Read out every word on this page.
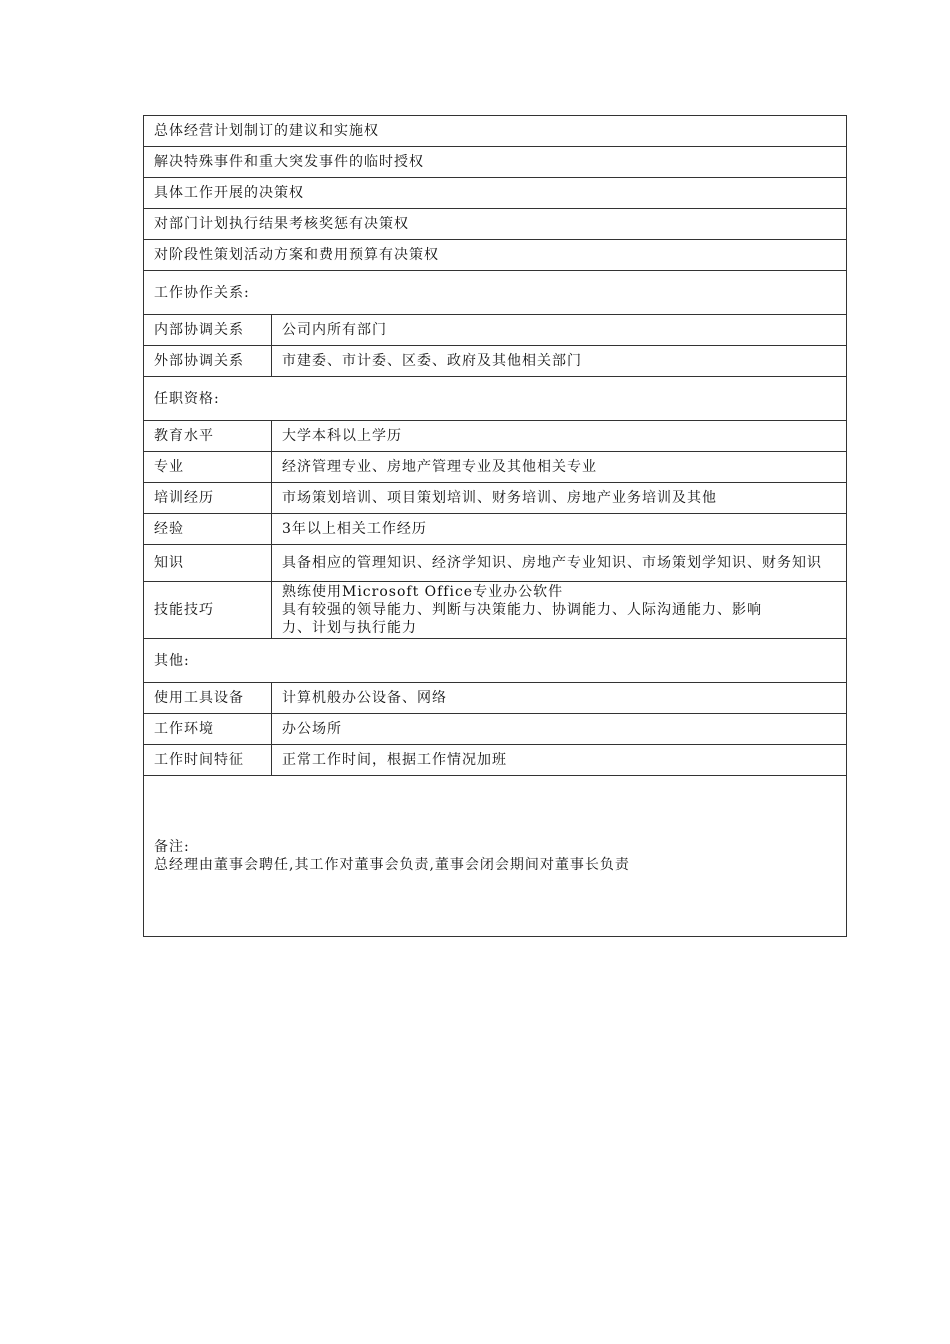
总体经营计划制订的建议和实施权	
解决特殊事件和重大突发事件的临时授权	
具体工作开展的决策权	
对部门计划执行结果考核奖惩有决策权	
对阶段性策划活动方案和费用预算有决策权	
工作协作关系:	
内部协调关系	公司内所有部门
外部协调关系	市建委、市计委、区委、政府及其他相关部门
任职资格:	
教育水平	大学本科以上学历
专业	经济管理专业、房地产管理专业及其他相关专业
培训经历	市场策划培训、项目策划培训、财务培训、房地产业务培训及其他
经验	3年以上相关工作经历
知识	具备相应的管理知识、经济学知识、房地产专业知识、市场策划学知识、财务知识
技能技巧	熟练使用Microsoft Office专业办公软件
具有较强的领导能力、判断与决策能力、协调能力、人际沟通能力、影响
力、计划与执行能力

其他:	
使用工具设备	计算机般办公设备、网络
工作环境	办公场所
工作时间特征	正常工作时间，根据工作情况加班

备注:
总经理由董事会聘任,其工作对董事会负责,董事会闭会期间对董事长负责	
